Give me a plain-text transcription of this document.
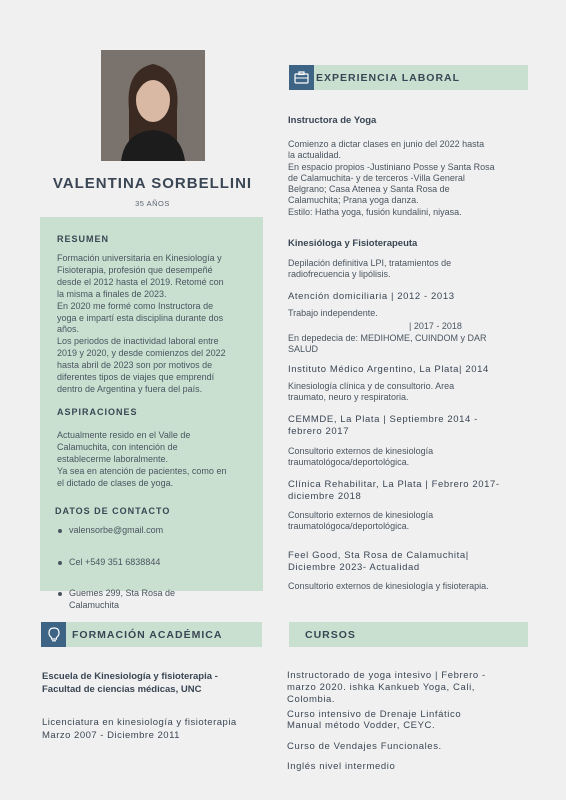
VALENTINA SORBELLINI
35 AÑOS
RESUMEN
Formación universitaria en Kinesiología y
Fisioterapia, profesión que desempeñé
desde el 2012 hasta el 2019. Retomé con
la misma a finales de 2023.
En 2020 me formé como Instructora de
yoga e impartí esta disciplina durante dos
años.
Los periodos de inactividad laboral entre
2019 y 2020, y desde comienzos del 2022
hasta abril de 2023 son por motivos de
diferentes tipos de viajes que emprendí
dentro de Argentina y fuera del país.
ASPIRACIONES
Actualmente resido en el Valle de
Calamuchita, con intención de
establecerme laboralmente.
Ya sea en atención de pacientes, como en
el dictado de clases de yoga.
DATOS DE CONTACTO
valensorbe@gmail.com
Cel +549 351 6838844
Guemes 299, Sta Rosa de
Calamuchita
EXPERIENCIA LABORAL
Instructora de Yoga
Comienzo a dictar clases en junio del 2022 hasta
la actualidad.
En espacio propios -Justiniano Posse y Santa Rosa
de Calamuchita- y de terceros -Villa General
Belgrano; Casa Atenea y Santa Rosa de
Calamuchita; Prana yoga danza.
Estilo: Hatha yoga, fusión kundalini, niyasa.
Kinesióloga y Fisioterapeuta
Depilación definitiva LPI, tratamientos de
radiofrecuencia y lipólisis.
Atención domiciliaria | 2012 - 2013
Trabajo independente.
| 2017 - 2018
En depedecia de: MEDIHOME, CUINDOM y DAR
SALUD
Instituto Médico Argentino, La Plata| 2014
Kinesiología clínica y de consultorio. Area
traumato, neuro y respiratoria.
CEMMDE, La Plata | Septiembre 2014 -
febrero 2017
Consultorio externos de kinesiología
traumatológoca/deportológica.
Clínica Rehabilitar, La Plata | Febrero 2017-
diciembre 2018
Consultorio externos de kinesiología
traumatológoca/deportológica.
Feel Good, Sta Rosa de Calamuchita|
Diciembre 2023- Actualidad
Consultorio externos de kinesiología y fisioterapia.
FORMACIÓN ACADÉMICA
Escuela de Kinesiología y fisioterapia -
Facultad de ciencias médicas, UNC
Licenciatura en kinesiología y fisioterapia
Marzo 2007 - Diciembre 2011
CURSOS
Instructorado de yoga intesivo | Febrero -
marzo 2020. ishka Kankueb Yoga, Cali,
Colombia.
Curso intensivo de Drenaje Linfático
Manual método Vodder, CEYC.
Curso de Vendajes Funcionales.
Inglés nivel intermedio
